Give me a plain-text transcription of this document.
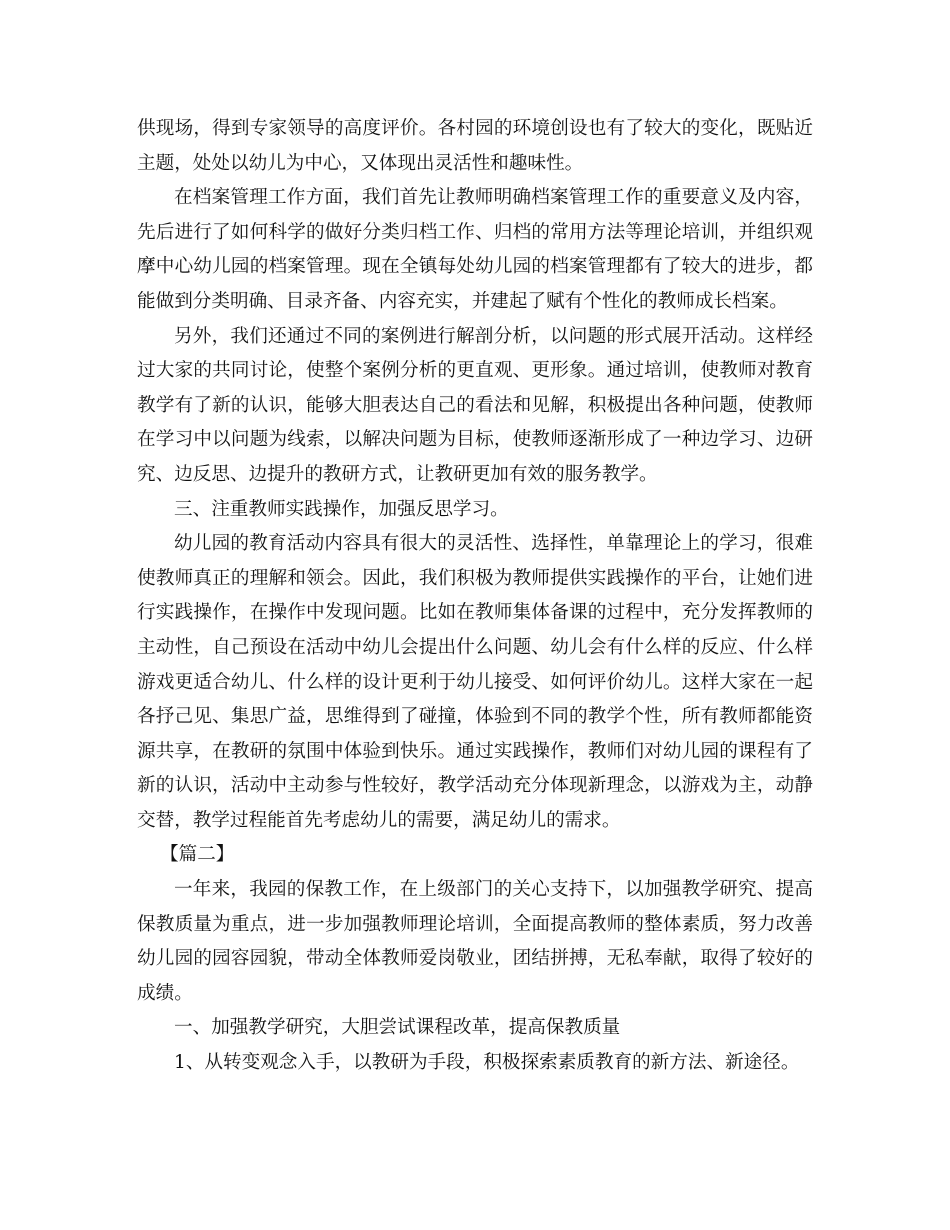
供现场，得到专家领导的高度评价。各村园的环境创设也有了较大的变化，既贴近主题，处处以幼儿为中心，又体现出灵活性和趣味性。

在档案管理工作方面，我们首先让教师明确档案管理工作的重要意义及内容，先后进行了如何科学的做好分类归档工作、归档的常用方法等理论培训，并组织观摩中心幼儿园的档案管理。现在全镇每处幼儿园的档案管理都有了较大的进步，都能做到分类明确、目录齐备、内容充实，并建起了赋有个性化的教师成长档案。

另外，我们还通过不同的案例进行解剖分析，以问题的形式展开活动。这样经过大家的共同讨论，使整个案例分析的更直观、更形象。通过培训，使教师对教育教学有了新的认识，能够大胆表达自己的看法和见解，积极提出各种问题，使教师在学习中以问题为线索，以解决问题为目标，使教师逐渐形成了一种边学习、边研究、边反思、边提升的教研方式，让教研更加有效的服务教学。

三、注重教师实践操作，加强反思学习。

幼儿园的教育活动内容具有很大的灵活性、选择性，单靠理论上的学习，很难使教师真正的理解和领会。因此，我们积极为教师提供实践操作的平台，让她们进行实践操作，在操作中发现问题。比如在教师集体备课的过程中，充分发挥教师的主动性，自己预设在活动中幼儿会提出什么问题、幼儿会有什么样的反应、什么样游戏更适合幼儿、什么样的设计更利于幼儿接受、如何评价幼儿。这样大家在一起各抒己见、集思广益，思维得到了碰撞，体验到不同的教学个性，所有教师都能资源共享，在教研的氛围中体验到快乐。通过实践操作，教师们对幼儿园的课程有了新的认识，活动中主动参与性较好，教学活动充分体现新理念，以游戏为主，动静交替，教学过程能首先考虑幼儿的需要，满足幼儿的需求。

【篇二】

一年来，我园的保教工作，在上级部门的关心支持下，以加强教学研究、提高保教质量为重点，进一步加强教师理论培训，全面提高教师的整体素质，努力改善幼儿园的园容园貌，带动全体教师爱岗敬业，团结拼搏，无私奉献，取得了较好的成绩。

一、加强教学研究，大胆尝试课程改革，提高保教质量

1、从转变观念入手，以教研为手段，积极探索素质教育的新方法、新途径。
